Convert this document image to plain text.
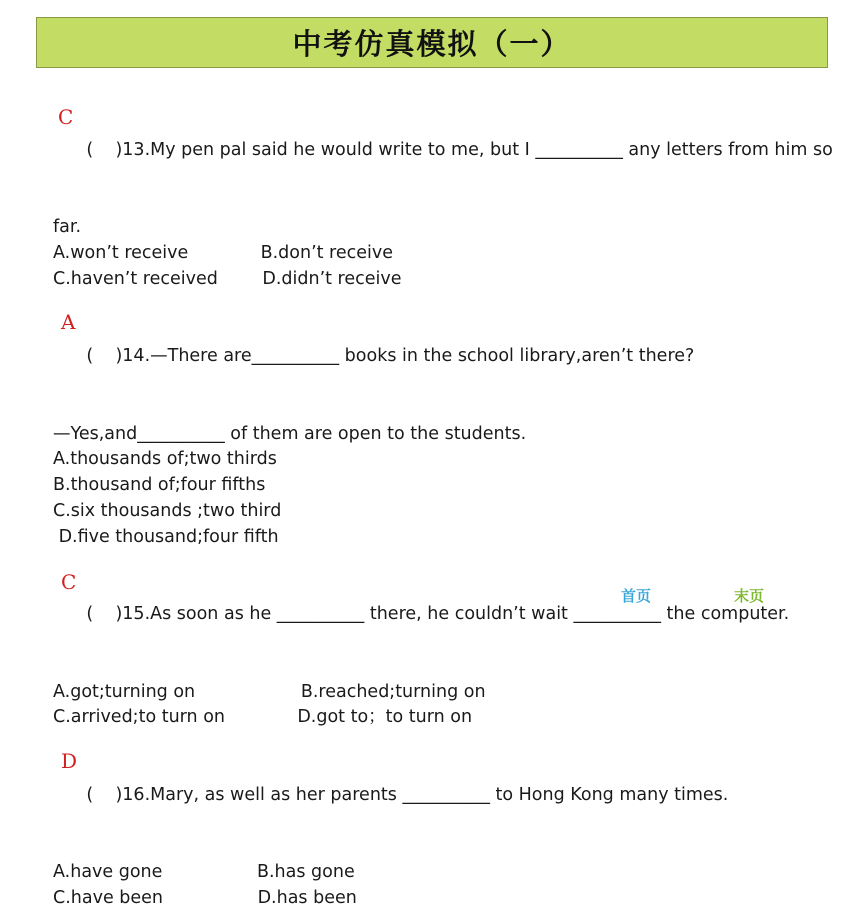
中考仿真模拟（一）

(    )13.My pen pal said he would write to me, but I __________ any letters from him so

C

far.
A.won’t receive             B.don’t receive
C.haven’t received        D.didn’t receive

(    )14.—There are__________ books in the school library,aren’t there?

A

—Yes,and__________ of them are open to the students.
A.thousands of;two thirds
B.thousand of;four fifths
C.six thousands ;two third
D.five thousand;four fifth

(    )15.As soon as he __________ there, he couldn’t wait __________ the computer.

C

A.got;turning on                   B.reached;turning on
C.arrived;to turn on             D.got to；to turn on

(    )16.Mary, as well as her parents __________ to Hong Kong many times.

D

A.have gone                 B.has gone
C.have been                 D.has been
首页	末页
